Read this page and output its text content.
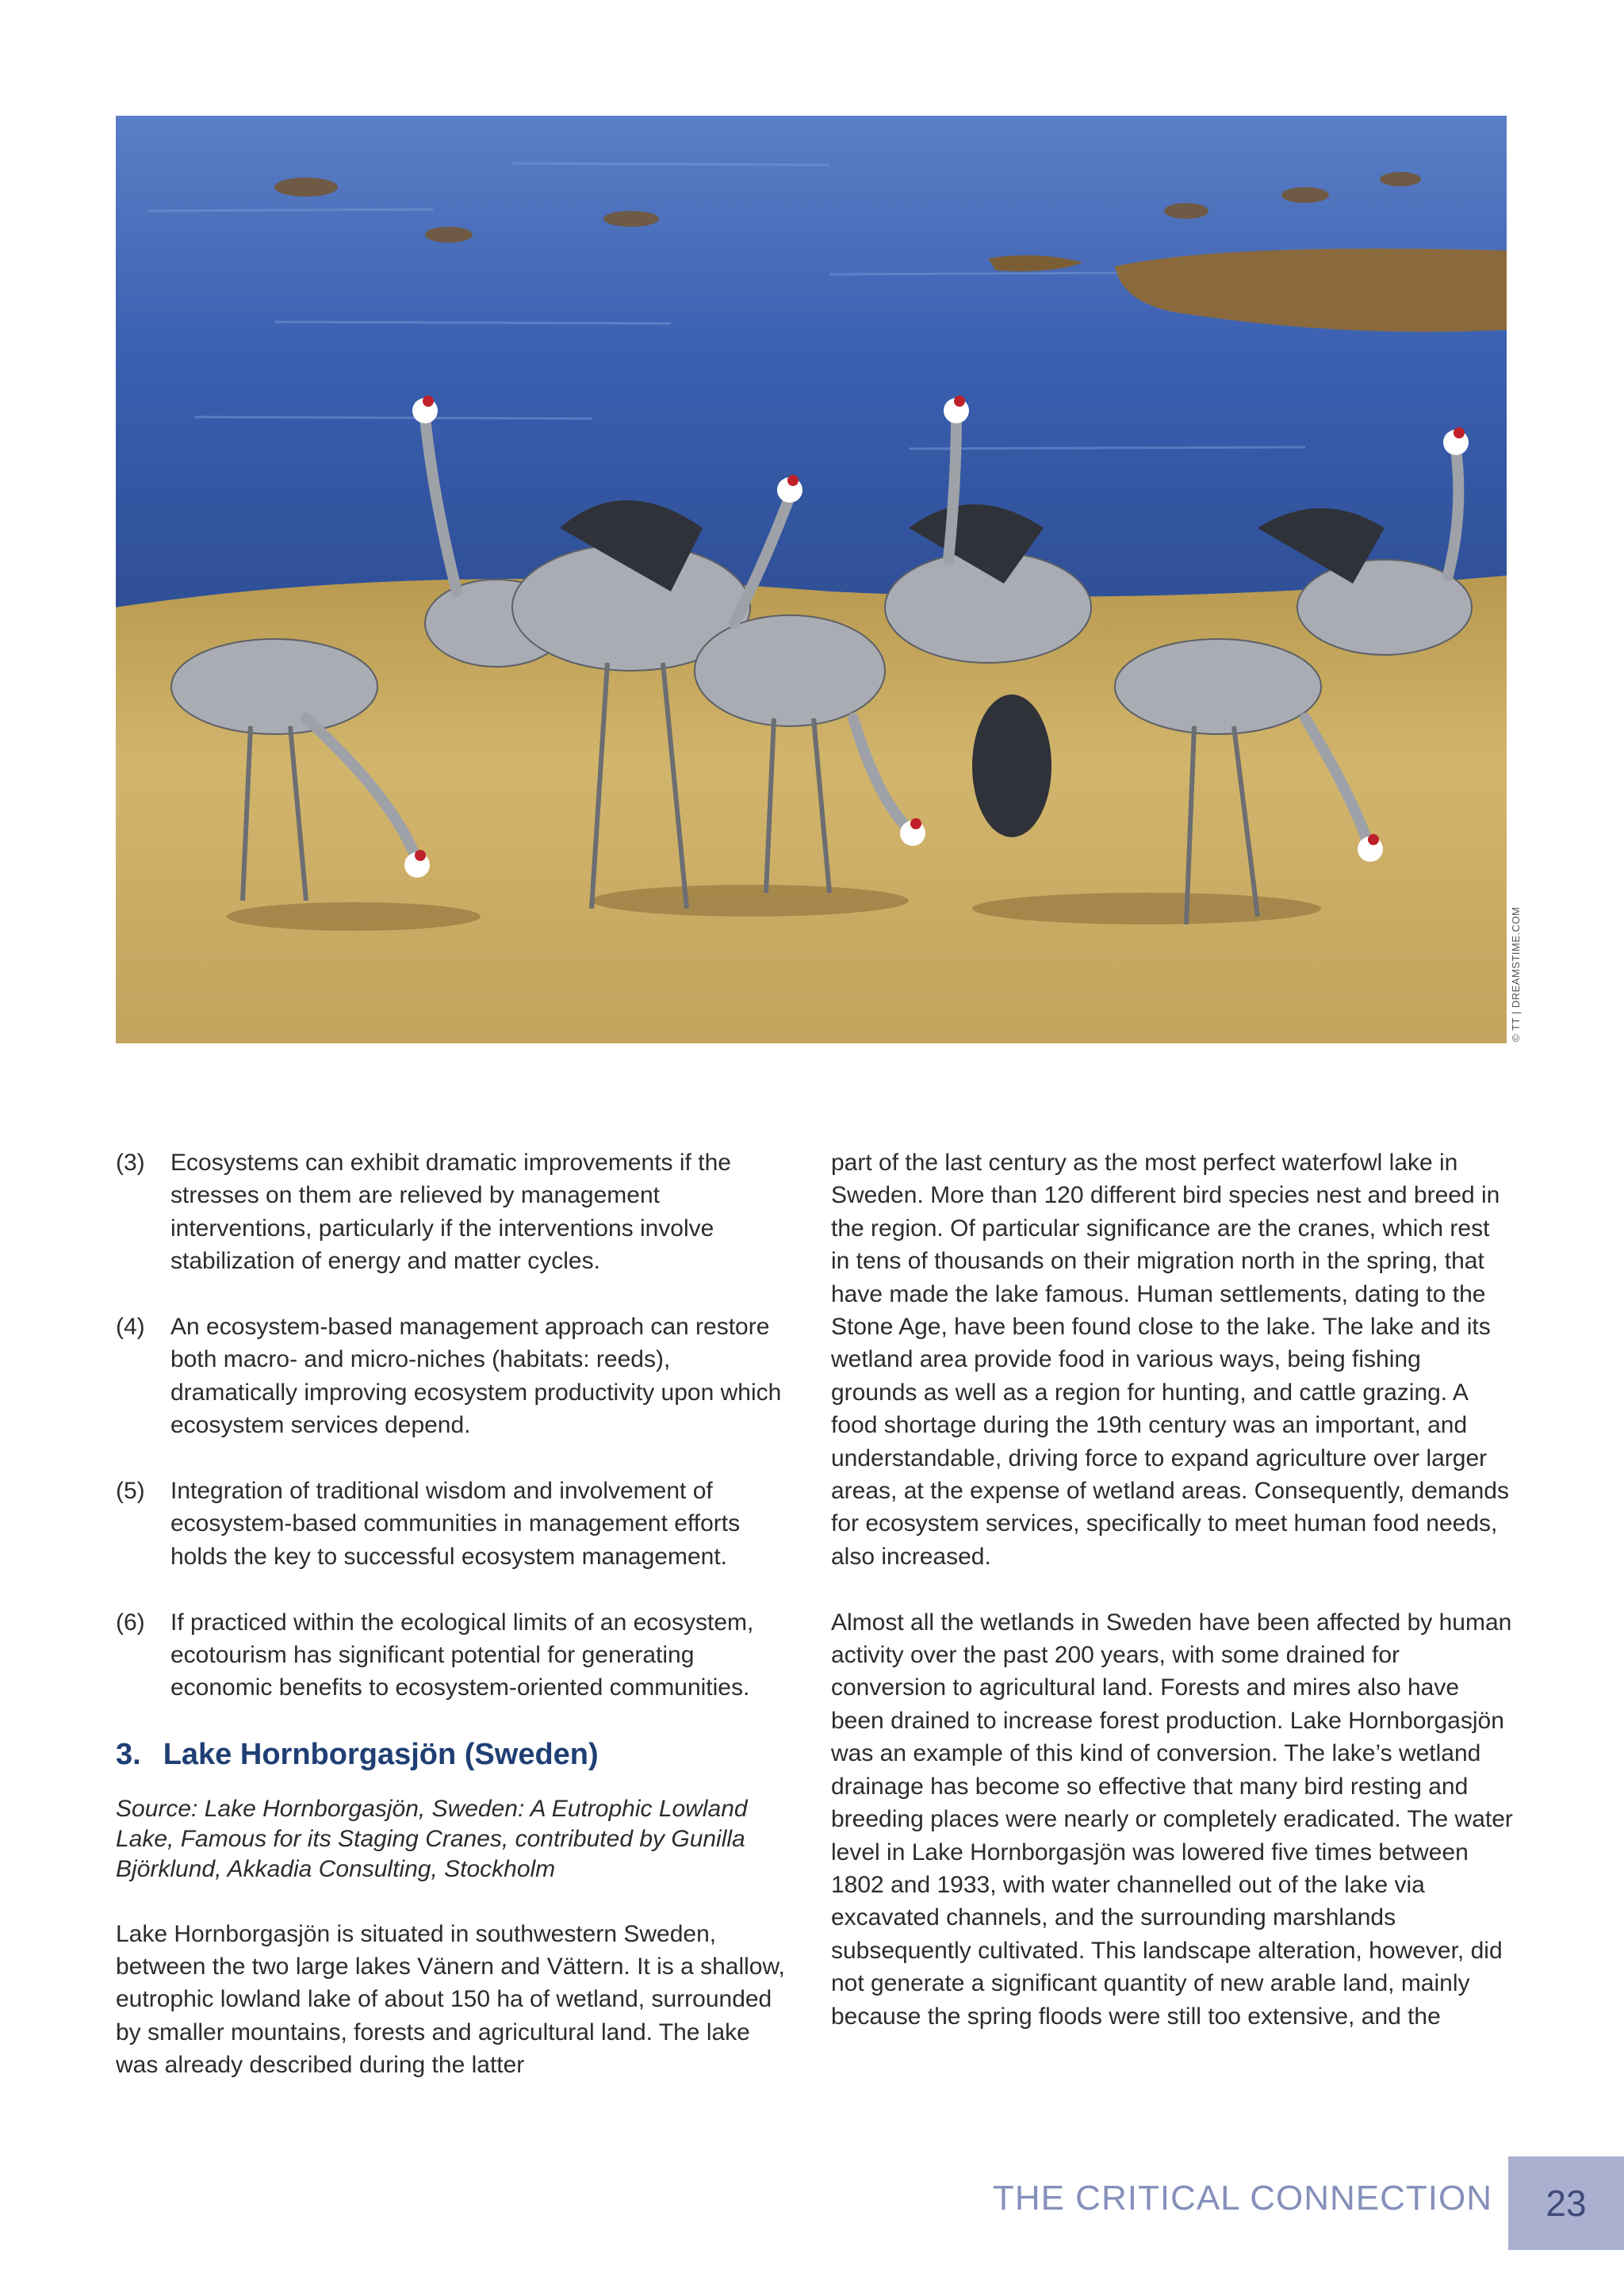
© TT | DREAMSTIME.COM
(3) Ecosystems can exhibit dramatic improvements if the stresses on them are relieved by management interventions, particularly if the interventions involve stabilization of energy and matter cycles.
(4) An ecosystem-based management approach can restore both macro- and micro-niches (habitats: reeds), dramatically improving ecosystem productivity upon which ecosystem services depend.
(5) Integration of traditional wisdom and involvement of ecosystem-based communities in management efforts holds the key to successful ecosystem management.
(6) If practiced within the ecological limits of an ecosystem, ecotourism has significant potential for generating economic benefits to ecosystem-oriented communities.
3. Lake Hornborgasjön (Sweden)

Source: Lake Hornborgasjön, Sweden: A Eutrophic Lowland Lake, Famous for its Staging Cranes, contributed by Gunilla Björklund, Akkadia Consulting, Stockholm

Lake Hornborgasjön is situated in southwestern Sweden, between the two large lakes Vänern and Vättern. It is a shallow, eutrophic lowland lake of about 150 ha of wetland, surrounded by smaller mountains, forests and agricultural land. The lake was already described during the latter

part of the last century as the most perfect waterfowl lake in Sweden. More than 120 different bird species nest and breed in the region. Of particular significance are the cranes, which rest in tens of thousands on their migration north in the spring, that have made the lake famous. Human settlements, dating to the Stone Age, have been found close to the lake. The lake and its wetland area provide food in various ways, being fishing grounds as well as a region for hunting, and cattle grazing. A food shortage during the 19th century was an important, and understandable, driving force to expand agriculture over larger areas, at the expense of wetland areas. Consequently, demands for ecosystem services, specifically to meet human food needs, also increased.

Almost all the wetlands in Sweden have been affected by human activity over the past 200 years, with some drained for conversion to agricultural land. Forests and mires also have been drained to increase forest production. Lake Hornborgasjön was an example of this kind of conversion. The lake’s wetland drainage has become so effective that many bird resting and breeding places were nearly or completely eradicated. The water level in Lake Hornborgasjön was lowered five times between 1802 and 1933, with water channelled out of the lake via excavated channels, and the surrounding marshlands subsequently cultivated. This landscape alteration, however, did not generate a significant quantity of new arable land, mainly because the spring floods were still too extensive, and the

THE CRITICAL CONNECTION 23
